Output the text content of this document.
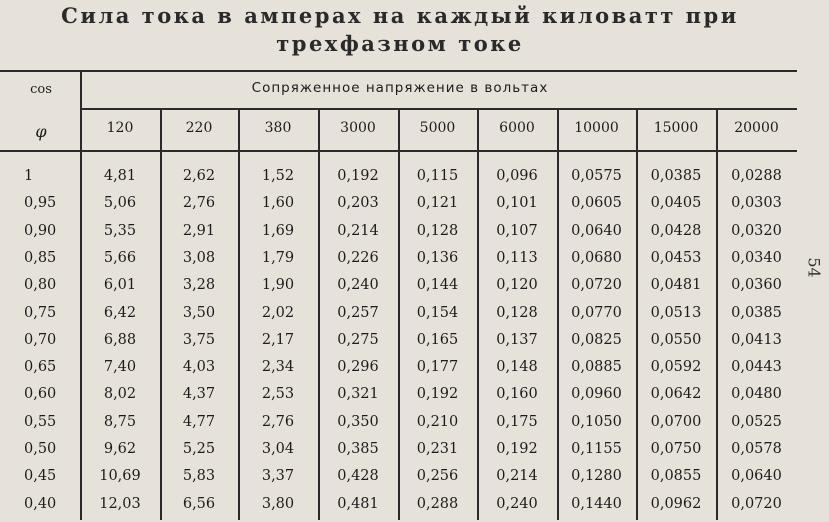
Сила тока в амперах на каждый киловатт при
трехфазном токе
cos
φ
Сопряженное напряжение в вольтах
120	220	380	3000	5000	6000	10000	15000	20000
1	4,81	2,62	1,52	0,192	0,115	0,096	0,0575	0,0385	0,0288
0,95	5,06	2,76	1,60	0,203	0,121	0,101	0,0605	0,0405	0,0303
0,90	5,35	2,91	1,69	0,214	0,128	0,107	0,0640	0,0428	0,0320
0,85	5,66	3,08	1,79	0,226	0,136	0,113	0,0680	0,0453	0,0340
0,80	6,01	3,28	1,90	0,240	0,144	0,120	0,0720	0,0481	0,0360
0,75	6,42	3,50	2,02	0,257	0,154	0,128	0,0770	0,0513	0,0385
0,70	6,88	3,75	2,17	0,275	0,165	0,137	0,0825	0,0550	0,0413
0,65	7,40	4,03	2,34	0,296	0,177	0,148	0,0885	0,0592	0,0443
0,60	8,02	4,37	2,53	0,321	0,192	0,160	0,0960	0,0642	0,0480
0,55	8,75	4,77	2,76	0,350	0,210	0,175	0,1050	0,0700	0,0525
0,50	9,62	5,25	3,04	0,385	0,231	0,192	0,1155	0,0750	0,0578
0,45	10,69	5,83	3,37	0,428	0,256	0,214	0,1280	0,0855	0,0640
0,40	12,03	6,56	3,80	0,481	0,288	0,240	0,1440	0,0962	0,0720
54
